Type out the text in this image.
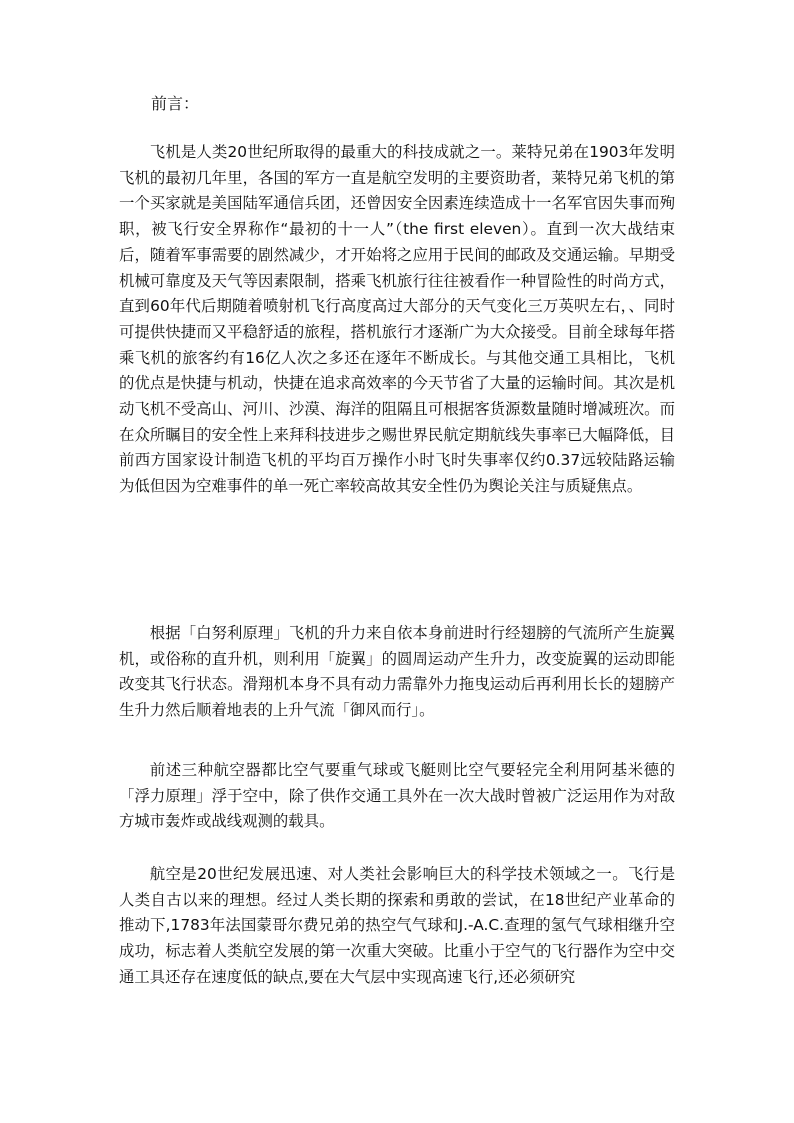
前言：

飞机是人类20世纪所取得的最重大的科技成就之一。莱特兄弟在1903年发明飞机的最初几年里，各国的军方一直是航空发明的主要资助者，莱特兄弟飞机的第一个买家就是美国陆军通信兵团，还曾因安全因素连续造成十一名军官因失事而殉职，被飞行安全界称作“最初的十一人”（the first eleven）。直到一次大战结束后，随着军事需要的剧然减少，才开始将之应用于民间的邮政及交通运输。早期受机械可靠度及天气等因素限制，搭乘飞机旅行往往被看作一种冒险性的时尚方式，直到60年代后期随着喷射机飞行高度高过大部分的天气变化三万英呎左右，、同时可提供快捷而又平稳舒适的旅程，搭机旅行才逐渐广为大众接受。目前全球每年搭乘飞机的旅客约有16亿人次之多还在逐年不断成长。与其他交通工具相比，飞机的优点是快捷与机动，快捷在追求高效率的今天节省了大量的运输时间。其次是机动飞机不受高山、河川、沙漠、海洋的阻隔且可根据客货源数量随时增减班次。而在众所瞩目的安全性上来拜科技进步之赐世界民航定期航线失事率已大幅降低，目前西方国家设计制造飞机的平均百万操作小时飞时失事率仅约0.37远较陆路运输为低但因为空难事件的单一死亡率较高故其安全性仍为舆论关注与质疑焦点。

根据「白努利原理」飞机的升力来自依本身前进时行经翅膀的气流所产生旋翼机，或俗称的直升机，则利用「旋翼」的圆周运动产生升力，改变旋翼的运动即能改变其飞行状态。滑翔机本身不具有动力需靠外力拖曳运动后再利用长长的翅膀产生升力然后顺着地表的上升气流「御风而行」。

前述三种航空器都比空气要重气球或飞艇则比空气要轻完全利用阿基米德的「浮力原理」浮于空中，除了供作交通工具外在一次大战时曾被广泛运用作为对敌方城市轰炸或战线观测的载具。

航空是20世纪发展迅速、对人类社会影响巨大的科学技术领域之一。飞行是人类自古以来的理想。经过人类长期的探索和勇敢的尝试，在18世纪产业革命的推动下,1783年法国蒙哥尔费兄弟的热空气气球和J.-A.C.查理的氢气气球相继升空成功，标志着人类航空发展的第一次重大突破。比重小于空气的飞行器作为空中交通工具还存在速度低的缺点,要在大气层中实现高速飞行,还必须研究
